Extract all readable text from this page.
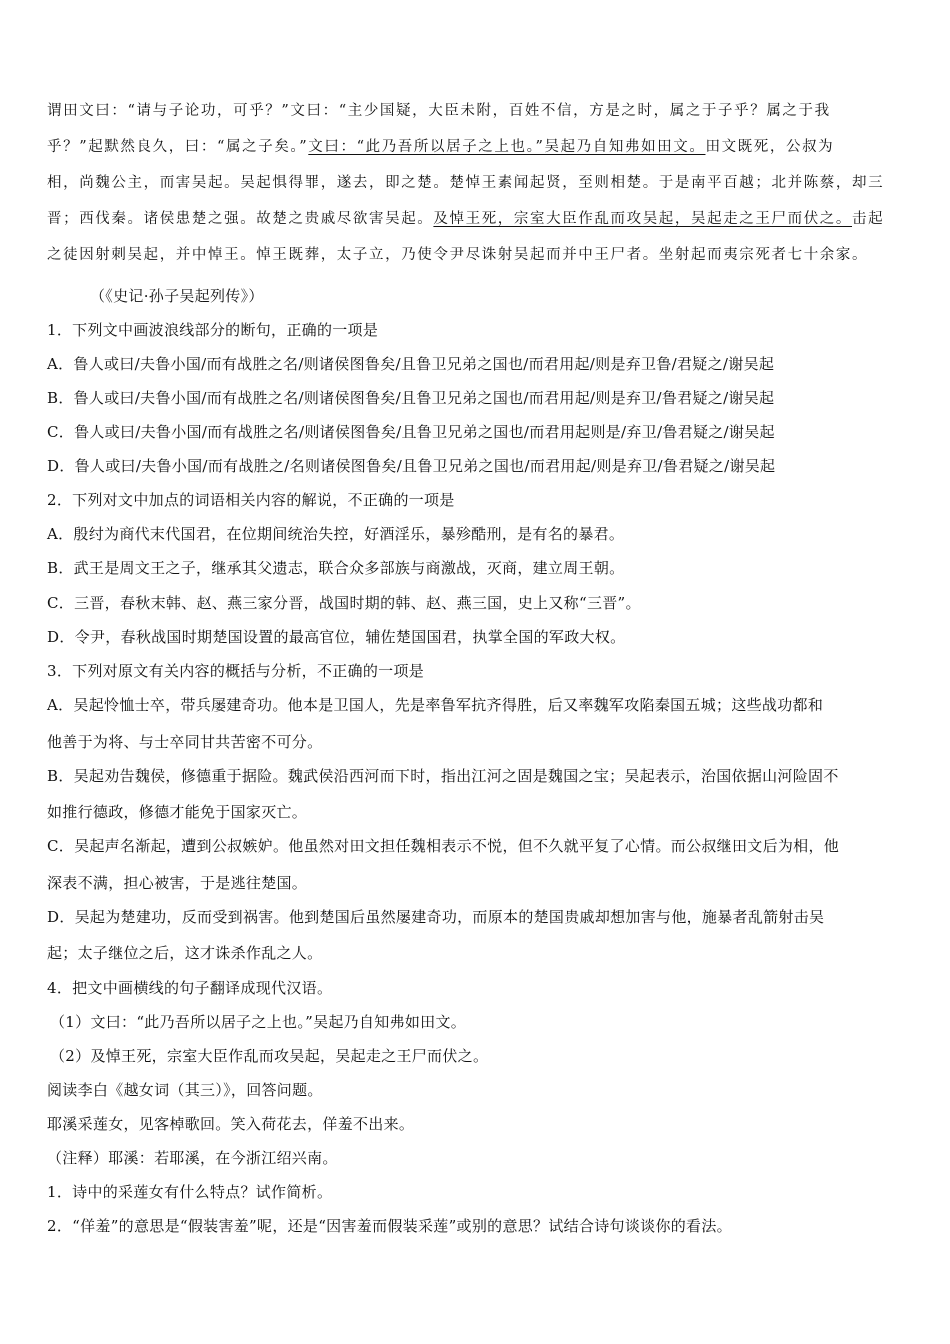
谓田文曰：“请与子论功，可乎？”文曰：“主少国疑，大臣未附，百姓不信，方是之时，属之于子乎？属之于我
乎？”起默然良久，曰：“属之子矣。”文曰：“此乃吾所以居子之上也。”吴起乃自知弗如田文。田文既死，公叔为
相，尚魏公主，而害吴起。吴起惧得罪，遂去，即之楚。楚悼王素闻起贤，至则相楚。于是南平百越；北并陈蔡，却三
晋；西伐秦。诸侯患楚之强。故楚之贵戚尽欲害吴起。及悼王死，宗室大臣作乱而攻吴起，吴起走之王尸而伏之。击起
之徒因射刺吴起，并中悼王。悼王既葬，太子立，乃使令尹尽诛射吴起而并中王尸者。坐射起而夷宗死者七十余家。
（《史记·孙子吴起列传》）
1．下列文中画波浪线部分的断句，正确的一项是
A．鲁人或曰/夫鲁小国/而有战胜之名/则诸侯图鲁矣/且鲁卫兄弟之国也/而君用起/则是弃卫鲁/君疑之/谢吴起
B．鲁人或曰/夫鲁小国/而有战胜之名/则诸侯图鲁矣/且鲁卫兄弟之国也/而君用起/则是弃卫/鲁君疑之/谢吴起
C．鲁人或曰/夫鲁小国/而有战胜之名/则诸侯图鲁矣/且鲁卫兄弟之国也/而君用起则是/弃卫/鲁君疑之/谢吴起
D．鲁人或曰/夫鲁小国/而有战胜之/名则诸侯图鲁矣/且鲁卫兄弟之国也/而君用起/则是弃卫/鲁君疑之/谢吴起
2．下列对文中加点的词语相关内容的解说，不正确的一项是
A．殷纣为商代末代国君，在位期间统治失控，好酒淫乐，暴殄酷刑，是有名的暴君。
B．武王是周文王之子，继承其父遗志，联合众多部族与商激战，灭商，建立周王朝。
C．三晋，春秋末韩、赵、燕三家分晋，战国时期的韩、赵、燕三国，史上又称“三晋”。
D．令尹，春秋战国时期楚国设置的最高官位，辅佐楚国国君，执掌全国的军政大权。
3．下列对原文有关内容的概括与分析，不正确的一项是
A．吴起怜恤士卒，带兵屡建奇功。他本是卫国人，先是率鲁军抗齐得胜，后又率魏军攻陷秦国五城；这些战功都和
他善于为将、与士卒同甘共苦密不可分。
B．吴起劝告魏侯，修德重于据险。魏武侯沿西河而下时，指出江河之固是魏国之宝；吴起表示，治国依据山河险固不
如推行德政，修德才能免于国家灭亡。
C．吴起声名渐起，遭到公叔嫉妒。他虽然对田文担任魏相表示不悦，但不久就平复了心情。而公叔继田文后为相，他
深表不满，担心被害，于是逃往楚国。
D．吴起为楚建功，反而受到祸害。他到楚国后虽然屡建奇功，而原本的楚国贵戚却想加害与他，施暴者乱箭射击吴
起；太子继位之后，这才诛杀作乱之人。
4．把文中画横线的句子翻译成现代汉语。
（1）文曰：“此乃吾所以居子之上也。”吴起乃自知弗如田文。
（2）及悼王死，宗室大臣作乱而攻吴起，吴起走之王尸而伏之。
阅读李白《越女词（其三）》，回答问题。
耶溪采莲女，见客棹歌回。笑入荷花去，佯羞不出来。
（注释）耶溪：若耶溪，在今浙江绍兴南。
1．诗中的采莲女有什么特点？试作简析。
2．“佯羞”的意思是“假装害羞”呢，还是“因害羞而假装采莲”或别的意思？试结合诗句谈谈你的看法。
